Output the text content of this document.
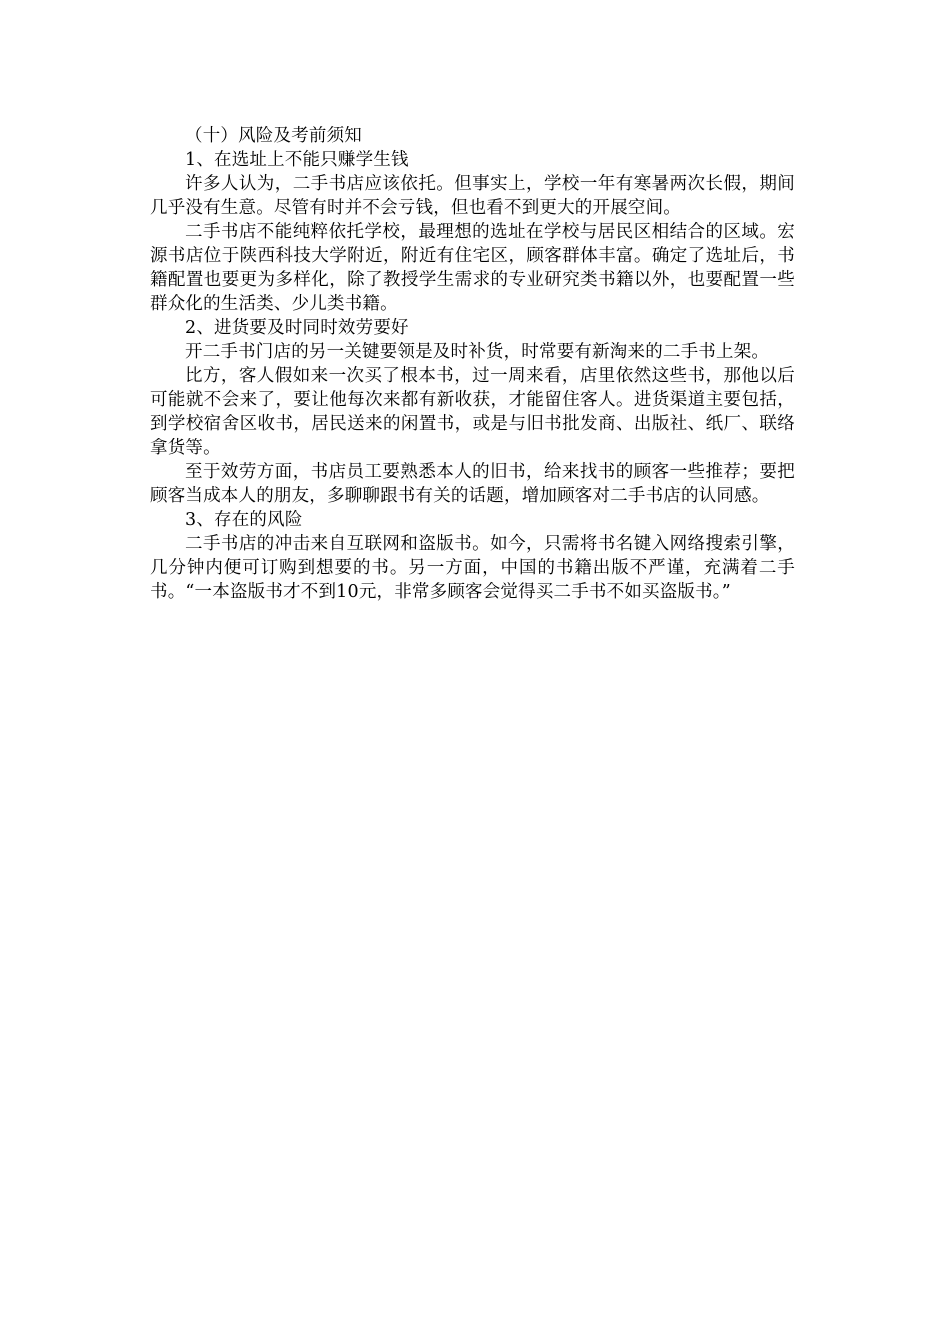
（十）风险及考前须知

1、在选址上不能只赚学生钱

许多人认为，二手书店应该依托。但事实上，学校一年有寒暑两次长假，期间几乎没有生意。尽管有时并不会亏钱，但也看不到更大的开展空间。

二手书店不能纯粹依托学校，最理想的选址在学校与居民区相结合的区域。宏源书店位于陕西科技大学附近，附近有住宅区，顾客群体丰富。确定了选址后，书籍配置也要更为多样化，除了教授学生需求的专业研究类书籍以外，也要配置一些群众化的生活类、少儿类书籍。

2、进货要及时同时效劳要好

开二手书门店的另一关键要领是及时补货，时常要有新淘来的二手书上架。

比方，客人假如来一次买了根本书，过一周来看，店里依然这些书，那他以后可能就不会来了，要让他每次来都有新收获，才能留住客人。进货渠道主要包括，到学校宿舍区收书，居民送来的闲置书，或是与旧书批发商、出版社、纸厂、联络拿货等。

至于效劳方面，书店员工要熟悉本人的旧书，给来找书的顾客一些推荐；要把顾客当成本人的朋友，多聊聊跟书有关的话题，增加顾客对二手书店的认同感。

3、存在的风险

二手书店的冲击来自互联网和盗版书。如今，只需将书名键入网络搜索引擎，几分钟内便可订购到想要的书。另一方面，中国的书籍出版不严谨，充满着二手书。“一本盗版书才不到10元，非常多顾客会觉得买二手书不如买盗版书。”
